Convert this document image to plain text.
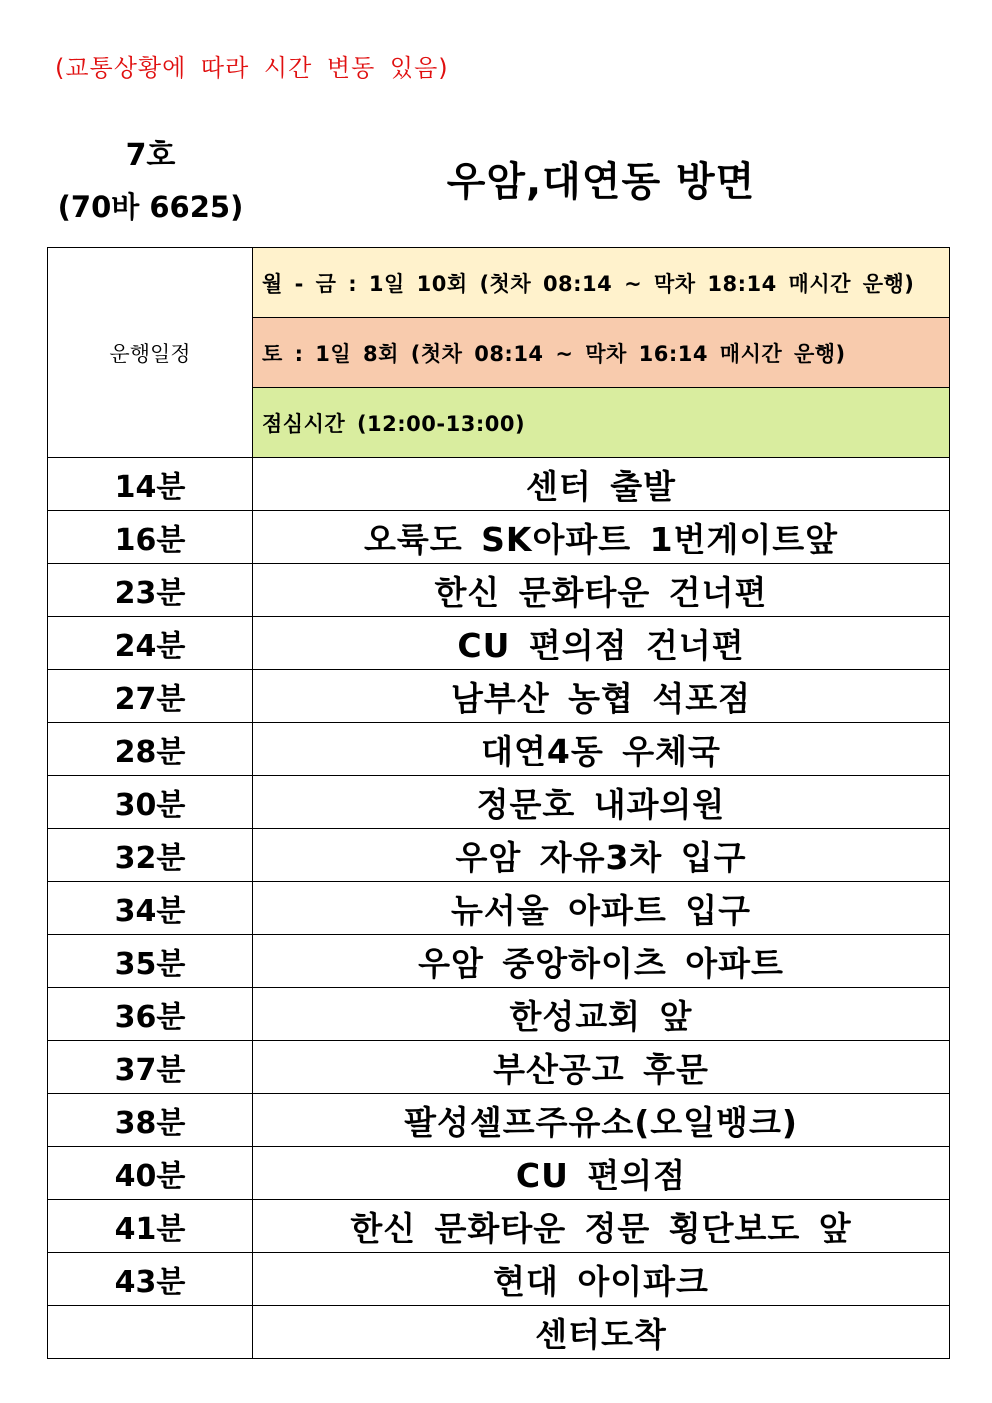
(교통상황에 따라 시간 변동 있음)
7호
(70바 6625)
우암,대연동 방면
운행일정	월 - 금 : 1일 10회 (첫차 08:14 ~ 막차 18:14 매시간 운행)
	토 : 1일 8회 (첫차 08:14 ~ 막차 16:14 매시간 운행)
	점심시간 (12:00-13:00)
14분	센터 출발
16분	오륙도 SK아파트 1번게이트앞
23분	한신 문화타운 건너편
24분	CU 편의점 건너편
27분	남부산 농협 석포점
28분	대연4동 우체국
30분	정문호 내과의원
32분	우암 자유3차 입구
34분	뉴서울 아파트 입구
35분	우암 중앙하이츠 아파트
36분	한성교회 앞
37분	부산공고 후문
38분	팔성셀프주유소(오일뱅크)
40분	CU 편의점
41분	한신 문화타운 정문 횡단보도 앞
43분	현대 아이파크
	센터도착
